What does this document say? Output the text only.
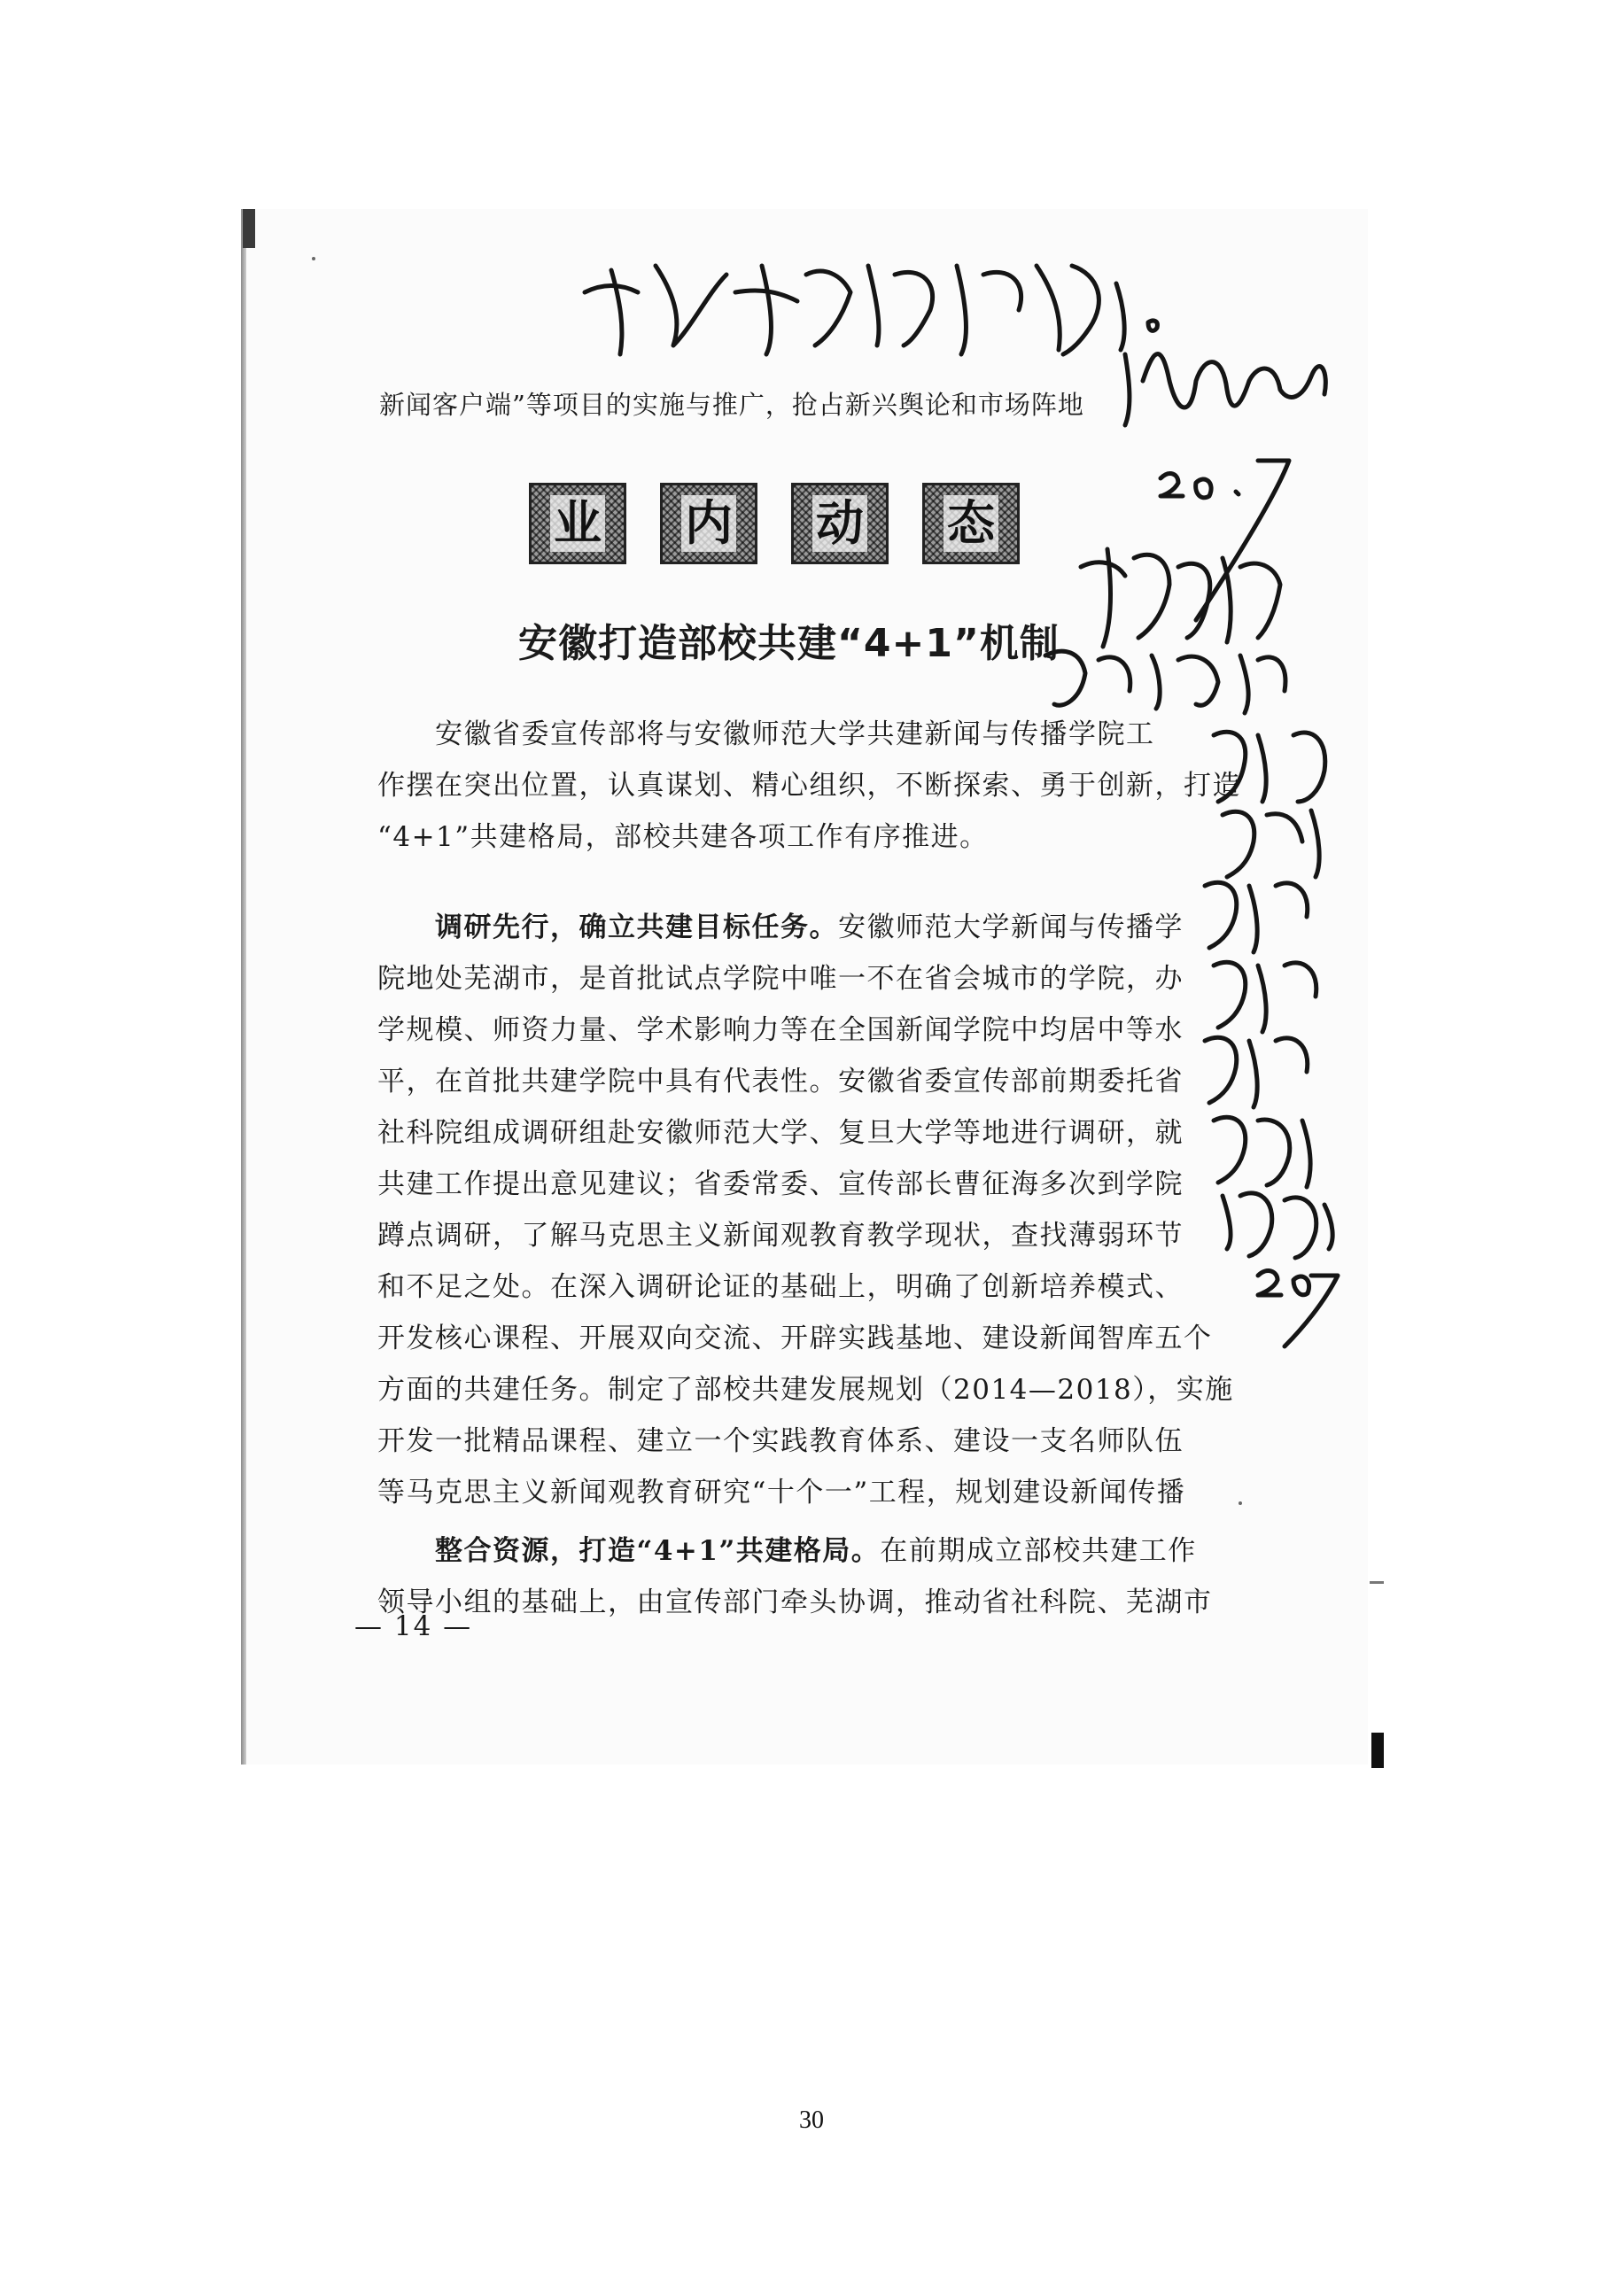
新闻客户端”等项目的实施与推广，抢占新兴舆论和市场阵地
业 内 动 态
安徽打造部校共建“4+1”机制
　　安徽省委宣传部将与安徽师范大学共建新闻与传播学院工
作摆在突出位置，认真谋划、精心组织，不断探索、勇于创新，打造
“4+1”共建格局，部校共建各项工作有序推进。
　　调研先行，确立共建目标任务。安徽师范大学新闻与传播学
院地处芜湖市，是首批试点学院中唯一不在省会城市的学院，办
学规模、师资力量、学术影响力等在全国新闻学院中均居中等水
平，在首批共建学院中具有代表性。安徽省委宣传部前期委托省
社科院组成调研组赴安徽师范大学、复旦大学等地进行调研，就
共建工作提出意见建议；省委常委、宣传部长曹征海多次到学院
蹲点调研，了解马克思主义新闻观教育教学现状，查找薄弱环节
和不足之处。在深入调研论证的基础上，明确了创新培养模式、
开发核心课程、开展双向交流、开辟实践基地、建设新闻智库五个
方面的共建任务。制定了部校共建发展规划（2014—2018），实施
开发一批精品课程、建立一个实践教育体系、建设一支名师队伍
等马克思主义新闻观教育研究“十个一”工程，规划建设新闻传播
　　整合资源，打造“4+1”共建格局。在前期成立部校共建工作
领导小组的基础上，由宣传部门牵头协调，推动省社科院、芜湖市
— 14 —
30
